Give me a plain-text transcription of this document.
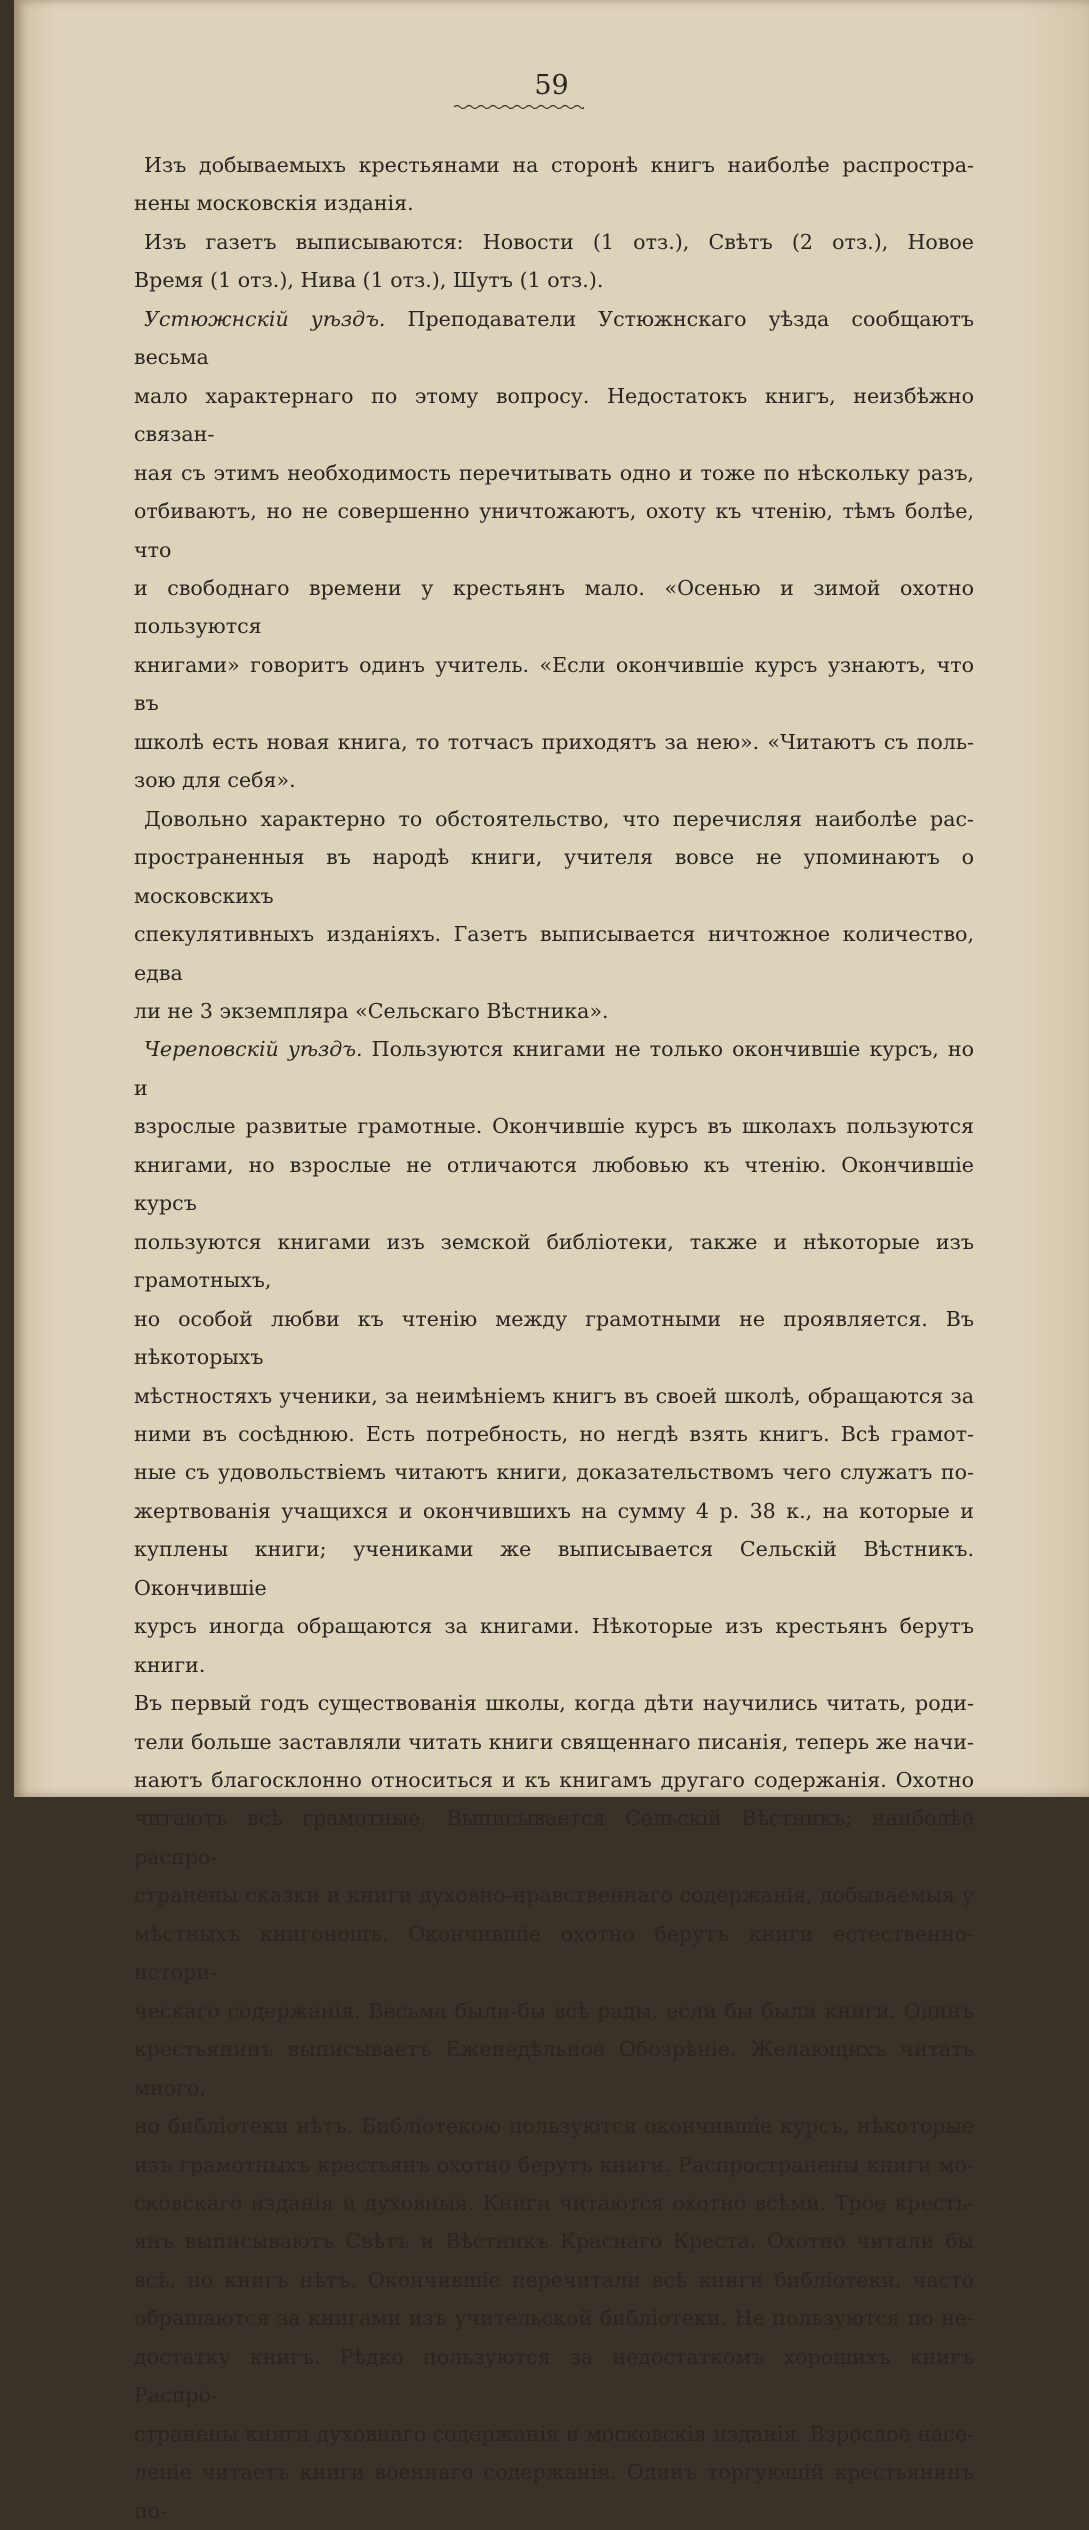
59

Изъ добываемыхъ крестьянами на сторонѣ книгъ наиболѣе распростра-

нены московскія изданія.

Изъ газетъ выписываются: Новости (1 отз.), Свѣтъ (2 отз.), Новое

Время (1 отз.), Нива (1 отз.), Шутъ (1 отз.).

Устюжнскій уѣздъ. Преподаватели Устюжнскаго уѣзда сообщаютъ весьма

мало характернаго по этому вопросу. Недостатокъ книгъ, неизбѣжно связан-

ная съ этимъ необходимость перечитывать одно и тоже по нѣскольку разъ,

отбиваютъ, но не совершенно уничтожаютъ, охоту къ чтенію, тѣмъ болѣе, что

и свободнаго времени у крестьянъ мало. «Осенью и зимой охотно пользуются

книгами» говоритъ одинъ учитель. «Если окончившіе курсъ узнаютъ, что въ

школѣ есть новая книга, то тотчасъ приходятъ за нею». «Читаютъ съ поль-

зою для себя».

Довольно характерно то обстоятельство, что перечисляя наиболѣе рас-

пространенныя въ народѣ книги, учителя вовсе не упоминаютъ о московскихъ

спекулятивныхъ изданіяхъ. Газетъ выписывается ничтожное количество, едва

ли не 3 экземпляра «Сельскаго Вѣстника».

Череповскій уѣздъ. Пользуются книгами не только окончившіе курсъ, но и

взрослые развитые грамотные. Окончившіе курсъ въ школахъ пользуются

книгами, но взрослые не отличаются любовью къ чтенію. Окончившіе курсъ

пользуются книгами изъ земской библіотеки, также и нѣкоторые изъ грамотныхъ,

но особой любви къ чтенію между грамотными не проявляется. Въ нѣкоторыхъ

мѣстностяхъ ученики, за неимѣніемъ книгъ въ своей школѣ, обращаются за

ними въ сосѣднюю. Есть потребность, но негдѣ взять книгъ. Всѣ грамот-

ные съ удовольствіемъ читаютъ книги, доказательствомъ чего служатъ по-

жертвованія учащихся и окончившихъ на сумму 4 р. 38 к., на которые и

куплены книги; учениками же выписывается Сельскій Вѣстникъ. Окончившіе

курсъ иногда обращаются за книгами. Нѣкоторые изъ крестьянъ берутъ книги.

Въ первый годъ существованія школы, когда дѣти научились читать, роди-

тели больше заставляли читать книги священнаго писанія, теперь же начи-

наютъ благосклонно относиться и къ книгамъ другаго содержанія. Охотно

читаютъ всѣ грамотные. Выписывается Сельскій Вѣстникъ; наиболѣе распро-

странены сказки и книги духовно-нравственнаго содержанія, добываемыя у

мѣстныхъ книгоношъ. Окончившіе охотно берутъ книги естественно-истори-

ческаго содержанія. Весьма были-бы всѣ рады, если бы были книги. Одинъ

крестьянинъ выписываетъ Еженедѣльное Обозрѣніе. Желающихъ читать много,

но библіотеки нѣтъ. Библіотекою пользуются окончившіе курсъ, нѣкоторые

изъ грамотныхъ крестьянъ охотно берутъ книги. Распространены книги мо-

сковскаго изданія и духовныя. Книги читаются охотно всѣми. Трое кресть-

янъ выписываютъ Свѣтъ и Вѣстникъ Краснаго Креста. Охотно читали бы

всѣ, но книгъ нѣтъ. Окончившіе перечитали всѣ книги библіотеки, часто

обращаются за книгами изъ учительской библіотеки. Не пользуются по не-

достатку книгъ. Рѣдко пользуются за недостаткомъ хорошихъ книгъ Распро-

странены книги духовнаго содержанія и московскія изданія. Взрослое насе-

леніе читаетъ книги военнаго содержанія. Одинъ торгующій крестьянинъ по-
